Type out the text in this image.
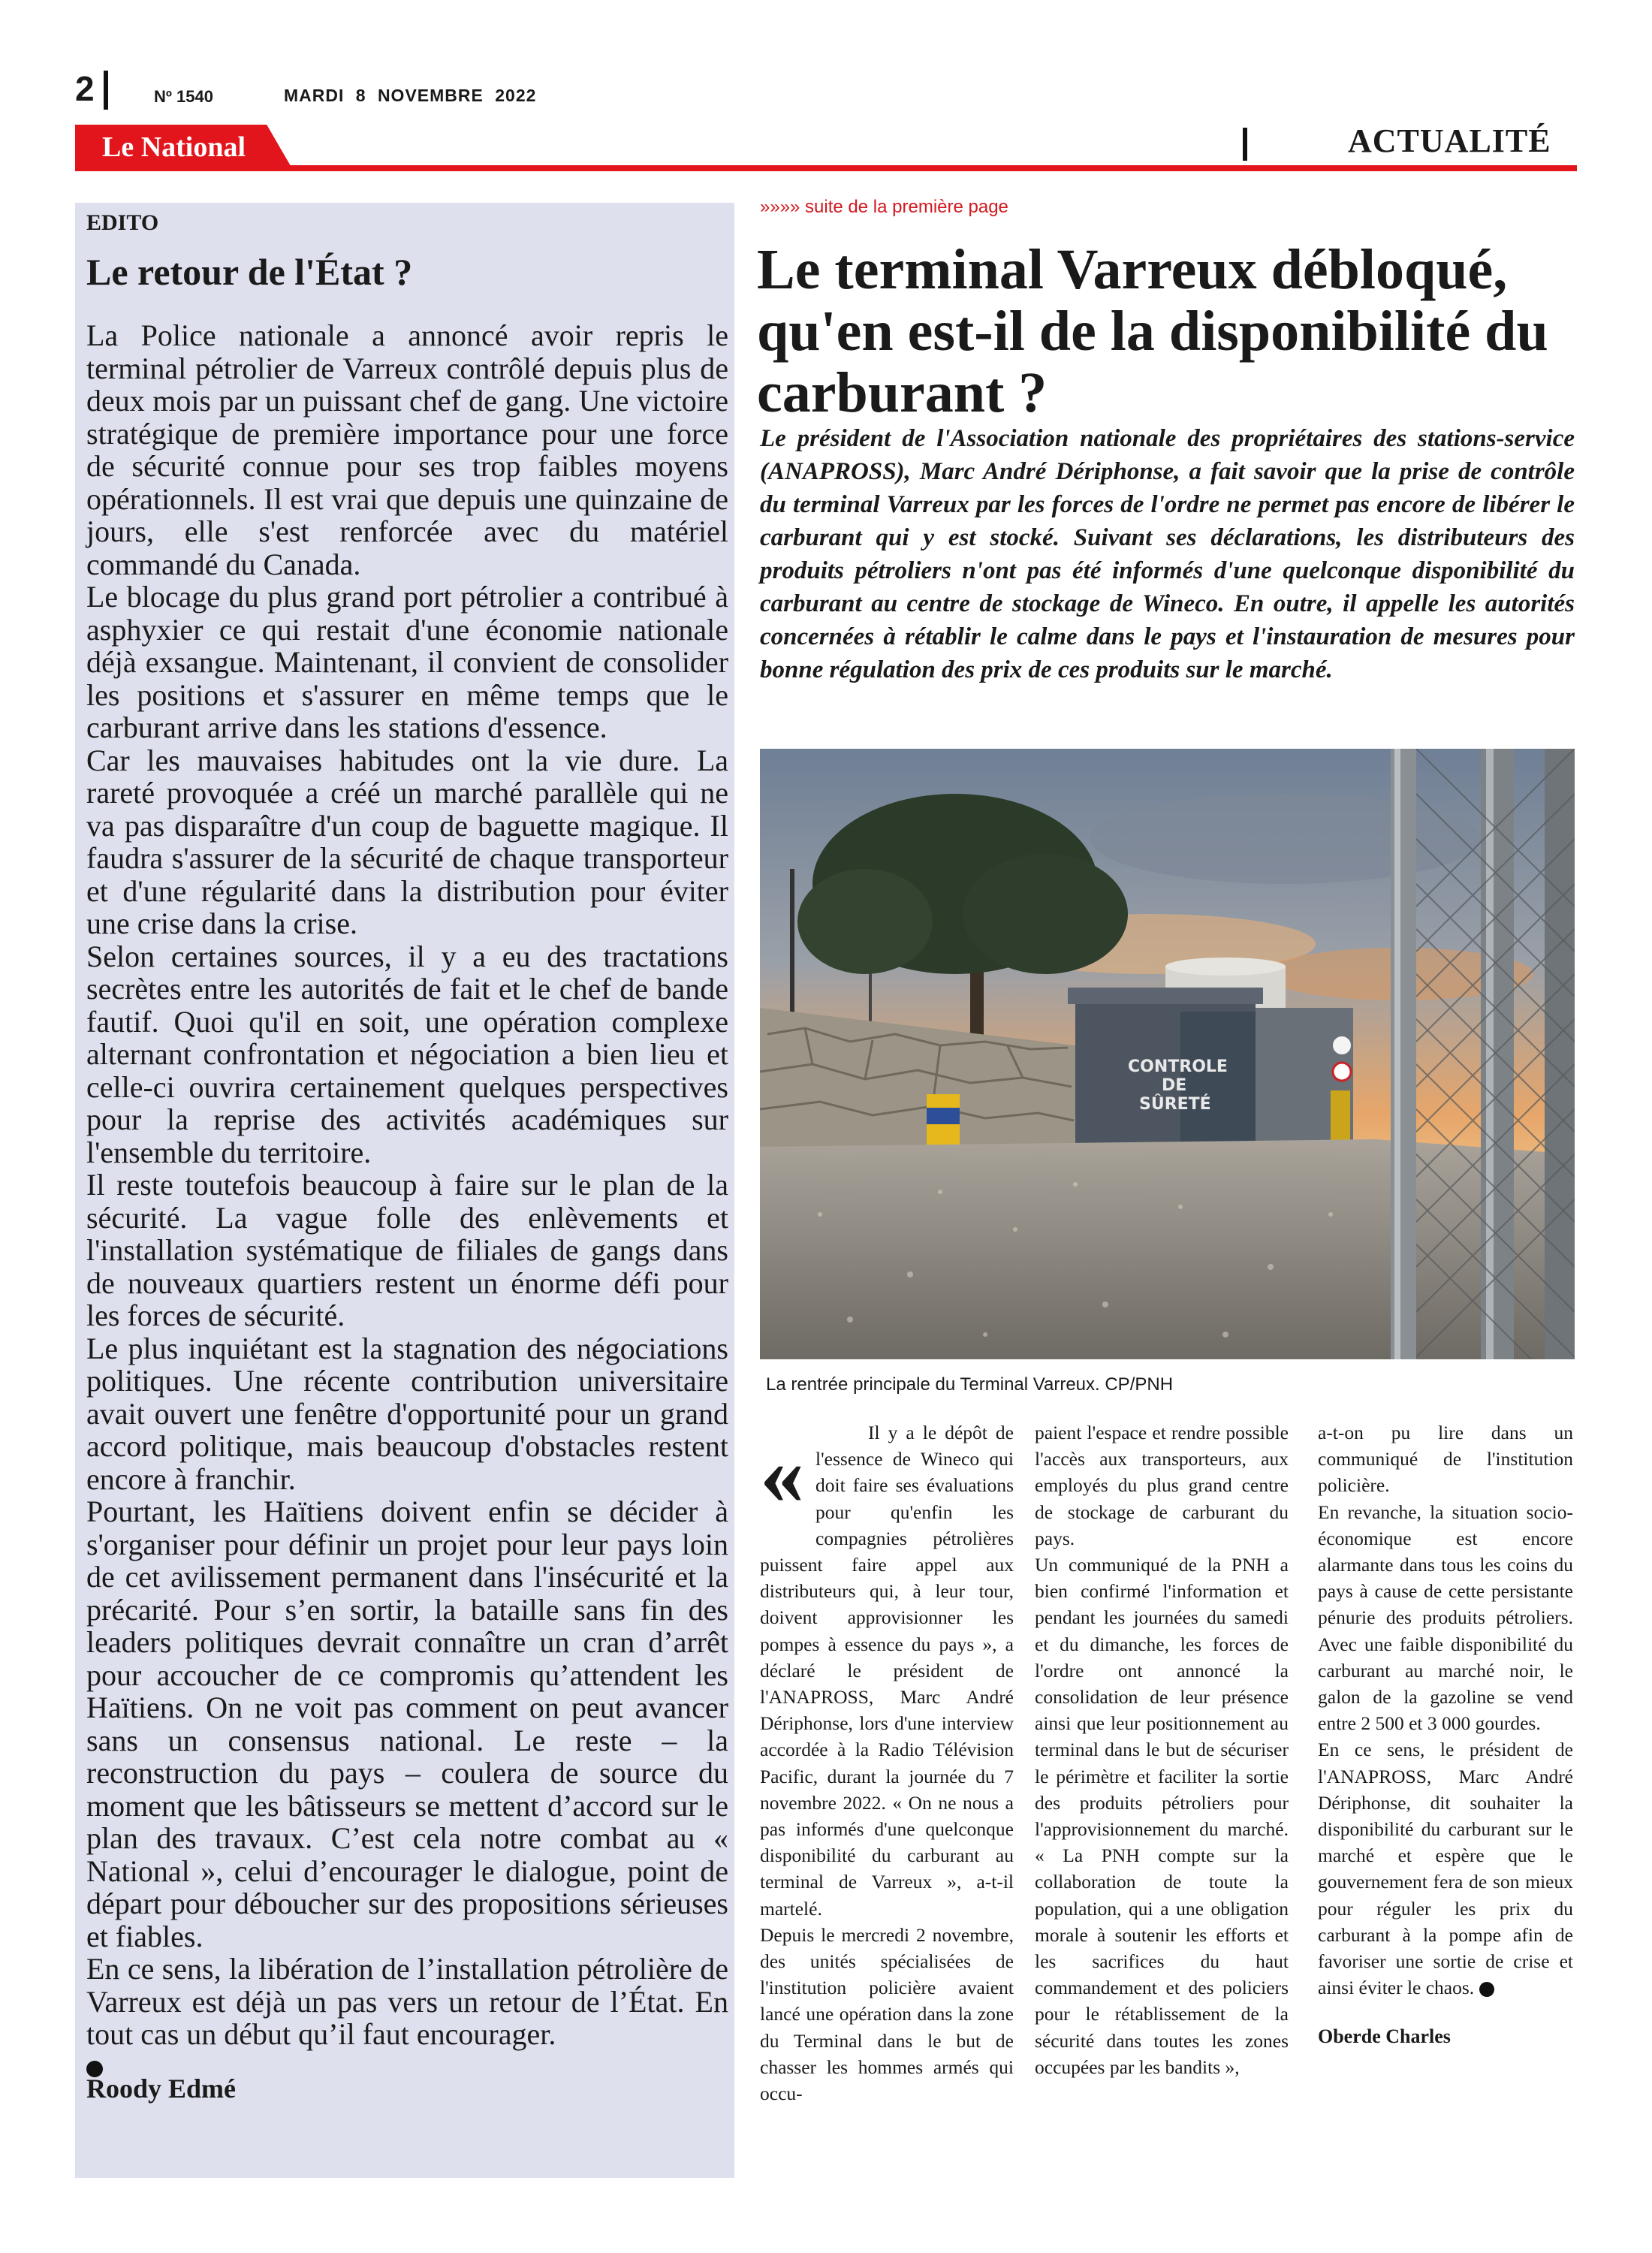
2	Nº 1540	MARDI 8 NOVEMBRE 2022
Le National	ACTUALITÉ
EDITO
Le retour de l'État ?

La Police nationale a annoncé avoir repris le terminal pétrolier de Varreux contrôlé depuis plus de deux mois par un puissant chef de gang. Une victoire stratégique de première importance pour une force de sécurité connue pour ses trop faibles moyens opérationnels. Il est vrai que depuis une quinzaine de jours, elle s'est renforcée avec du matériel commandé du Canada.

Le blocage du plus grand port pétrolier a contribué à asphyxier ce qui restait d'une économie nationale déjà exsangue. Maintenant, il convient de consolider les positions et s'assurer en même temps que le carburant arrive dans les stations d'essence.

Car les mauvaises habitudes ont la vie dure. La rareté provoquée a créé un marché parallèle qui ne va pas disparaître d'un coup de baguette magique. Il faudra s'assurer de la sécurité de chaque transporteur et d'une régularité dans la distribution pour éviter une crise dans la crise.

Selon certaines sources, il y a eu des tractations secrètes entre les autorités de fait et le chef de bande fautif. Quoi qu'il en soit, une opération complexe alternant confrontation et négociation a bien lieu et celle-ci ouvrira certainement quelques perspectives pour la reprise des activités académiques sur l'ensemble du territoire.

Il reste toutefois beaucoup à faire sur le plan de la sécurité. La vague folle des enlèvements et l'installation systématique de filiales de gangs dans de nouveaux quartiers restent un énorme défi pour les forces de sécurité.

Le plus inquiétant est la stagnation des négociations politiques. Une récente contribution universitaire avait ouvert une fenêtre d'opportunité pour un grand accord politique, mais beaucoup d'obstacles restent encore à franchir.

Pourtant, les Haïtiens doivent enfin se décider à s'organiser pour définir un projet pour leur pays loin de cet avilissement permanent dans l'insécurité et la précarité. Pour s’en sortir, la bataille sans fin des leaders politiques devrait connaître un cran d’arrêt pour accoucher de ce compromis qu’attendent les Haïtiens. On ne voit pas comment on peut avancer sans un consensus national. Le reste – la reconstruction du pays – coulera de source du moment que les bâtisseurs se mettent d’accord sur le plan des travaux. C’est cela notre combat au « National », celui d’encourager le dialogue, point de départ pour déboucher sur des propositions sérieuses et fiables.

En ce sens, la libération de l’installation pétrolière de Varreux est déjà un pas vers un retour de l’État. En tout cas un début qu’il faut encourager.

Roody Edmé
»»»» suite de la première page
Le terminal Varreux débloqué, qu'en est-il de la disponibilité du carburant ?

Le président de l'Association nationale des propriétaires des stations-service (ANAPROSS), Marc André Dériphonse, a fait savoir que la prise de contrôle du terminal Varreux par les forces de l'ordre ne permet pas encore de libérer le carburant qui y est stocké. Suivant ses déclarations, les distributeurs des produits pétroliers n'ont pas été informés d'une quelconque disponibilité du carburant au centre de stockage de Wineco. En outre, il appelle les autorités concernées à rétablir le calme dans le pays et l'instauration de mesures pour bonne régulation des prix de ces produits sur le marché.

CONTROLE
DE
SÛRETÉ
La rentrée principale du Terminal Varreux. CP/PNH
«	Il y a le dépôt de l'essence de Wineco qui doit faire ses évaluations pour qu'enfin les compagnies pétrolières puissent faire appel aux distributeurs qui, à leur tour, doivent approvisionner les pompes à essence du pays », a déclaré le président de l'ANAPROSS, Marc André Dériphonse, lors d'une interview accordée à la Radio Télévision Pacific, durant la journée du 7 novembre 2022. « On ne nous a pas informés d'une quelconque disponibilité du carburant au terminal de Varreux », a-t-il martelé.

Depuis le mercredi 2 novembre, des unités spécialisées de l'institution policière avaient lancé une opération dans la zone du Terminal dans le but de chasser les hommes armés qui occu-

paient l'espace et rendre possible l'accès aux transporteurs, aux employés du plus grand centre de stockage de carburant du pays.

Un communiqué de la PNH a bien confirmé l'information et pendant les journées du samedi et du dimanche, les forces de l'ordre ont annoncé la consolidation de leur présence ainsi que leur positionnement au terminal dans le but de sécuriser le périmètre et faciliter la sortie des produits pétroliers pour l'approvisionnement du marché. « La PNH compte sur la collaboration de toute la population, qui a une obligation morale à soutenir les efforts et les sacrifices du haut commandement et des policiers pour le rétablissement de la sécurité dans toutes les zones occupées par les bandits »,

a-t-on pu lire dans un communiqué de l'institution policière.

En revanche, la situation socio-économique est encore alarmante dans tous les coins du pays à cause de cette persistante pénurie des produits pétroliers. Avec une faible disponibilité du carburant au marché noir, le galon de la gazoline se vend entre 2 500 et 3 000 gourdes.

En ce sens, le président de l'ANAPROSS, Marc André Dériphonse, dit souhaiter la disponibilité du carburant sur le marché et espère que le gouvernement fera de son mieux pour réguler les prix du carburant à la pompe afin de favoriser une sortie de crise et ainsi éviter le chaos.

Oberde Charles
